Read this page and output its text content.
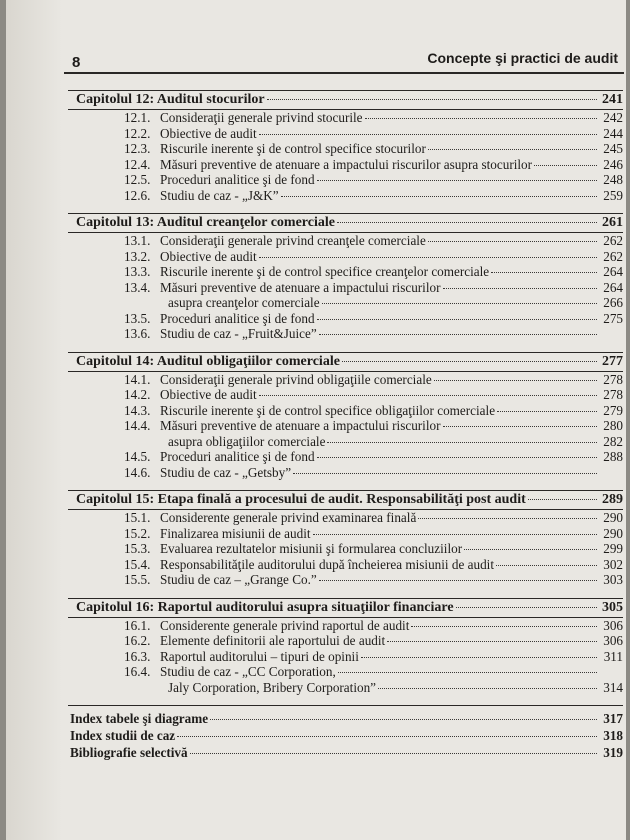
8	Concepte şi practici de audit
Capitolul 12: Auditul stocurilor	241
12.1. Consideraţii generale privind stocurile	242
12.2. Obiective de audit	244
12.3. Riscurile inerente şi de control specifice stocurilor	245
12.4. Măsuri preventive de atenuare a impactului riscurilor asupra stocurilor	246
12.5. Proceduri analitice şi de fond	248
12.6. Studiu de caz - „J&K”	259
Capitolul 13: Auditul creanţelor comerciale	261
13.1. Consideraţii generale privind creanţele comerciale	262
13.2. Obiective de audit	262
13.3. Riscurile inerente şi de control specifice creanţelor comerciale	264
13.4. Măsuri preventive de atenuare a impactului riscurilor	264
asupra creanţelor comerciale	266
13.5. Proceduri analitice şi de fond	275
13.6. Studiu de caz - „Fruit&Juice”
Capitolul 14: Auditul obligaţiilor comerciale	277
14.1. Consideraţii generale privind obligaţiile comerciale	278
14.2. Obiective de audit	278
14.3. Riscurile inerente şi de control specifice obligaţiilor comerciale	279
14.4. Măsuri preventive de atenuare a impactului riscurilor	280
asupra obligaţiilor comerciale	282
14.5. Proceduri analitice şi de fond	288
14.6. Studiu de caz - „Getsby”
Capitolul 15: Etapa finală a procesului de audit. Responsabilităţi post audit	289
15.1. Considerente generale privind examinarea finală	290
15.2. Finalizarea misiunii de audit	290
15.3. Evaluarea rezultatelor misiunii şi formularea concluziilor	299
15.4. Responsabilităţile auditorului după încheierea misiunii de audit	302
15.5. Studiu de caz – „Grange Co.”	303
Capitolul 16: Raportul auditorului asupra situaţiilor financiare	305
16.1. Considerente generale privind raportul de audit	306
16.2. Elemente definitorii ale raportului de audit	306
16.3. Raportul auditorului – tipuri de opinii	311
16.4. Studiu de caz - „CC Corporation,
Jaly Corporation, Bribery Corporation”	314
Index tabele şi diagrame	317
Index studii de caz	318
Bibliografie selectivă	319
